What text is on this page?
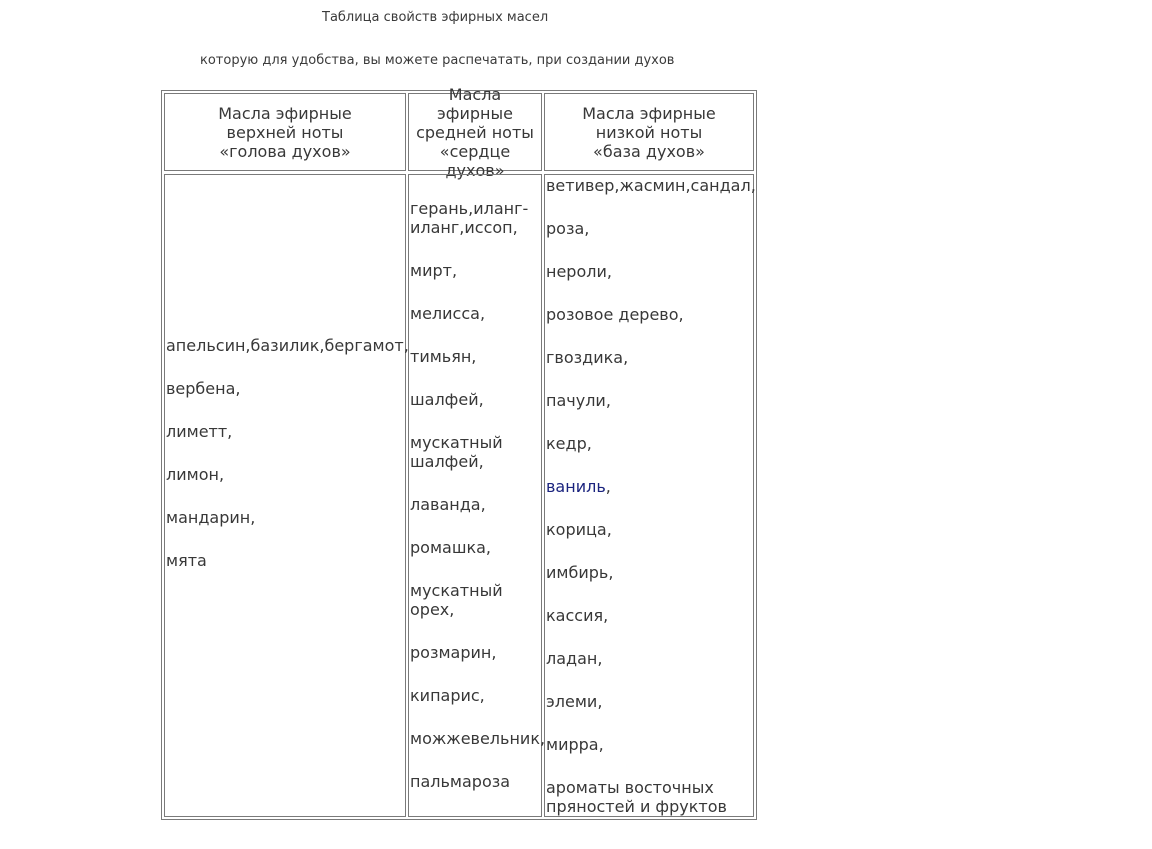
Таблица свойств эфирных масел
которую для удобства, вы можете распечатать, при создании духов
Масла эфирные
верхней ноты
«голова духов»
Масла эфирные
средней ноты
«сердце
духов»
Масла эфирные
низкой ноты
«база духов»
апельсин,базилик,бергамот,
вербена,
лиметт,
лимон,
мандарин,
мята
герань,иланг-иланг,иссоп,
мирт,
мелисса,
тимьян,
шалфей,
мускатный шалфей,
лаванда,
ромашка,
мускатный орех,
розмарин,
кипарис,
можжевельник,
пальмароза
ветивер,жасмин,сандал,
роза,
нероли,
розовое дерево,
гвоздика,
пачули,
кедр,
ваниль,
корица,
имбирь,
кассия,
ладан,
элеми,
мирра,
ароматы восточных пряностей и фруктов
